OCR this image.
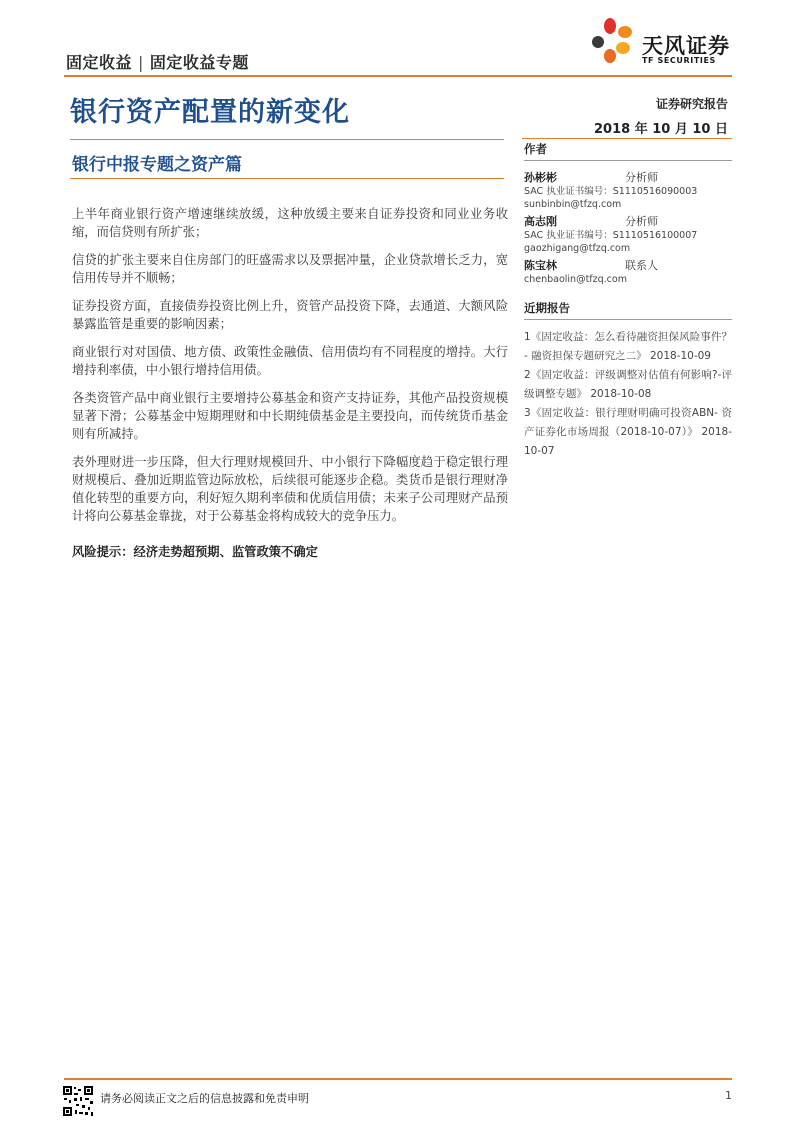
固定收益 | 固定收益专题
天风证券
TF SECURITIES
银行资产配置的新变化	证券研究报告
2018 年 10 月 10 日
银行中报专题之资产篇

上半年商业银行资产增速继续放缓，这种放缓主要来自证券投资和同业业务收缩，而信贷则有所扩张；

信贷的扩张主要来自住房部门的旺盛需求以及票据冲量，企业贷款增长乏力，宽信用传导并不顺畅；

证券投资方面，直接债券投资比例上升，资管产品投资下降，去通道、大额风险暴露监管是重要的影响因素；

商业银行对对国债、地方债、政策性金融债、信用债均有不同程度的增持。大行增持利率债，中小银行增持信用债。

各类资管产品中商业银行主要增持公募基金和资产支持证券，其他产品投资规模显著下滑；公募基金中短期理财和中长期纯债基金是主要投向，而传统货币基金则有所减持。

表外理财进一步压降，但大行理财规模回升、中小银行下降幅度趋于稳定银行理财规模后、叠加近期监管边际放松，后续很可能逐步企稳。类货币是银行理财净值化转型的重要方向，利好短久期利率债和优质信用债；未来子公司理财产品预计将向公募基金靠拢，对于公募基金将构成较大的竞争压力。

风险提示：经济走势超预期、监管政策不确定
作者
孙彬彬	分析师
SAC 执业证书编号：S1110516090003
sunbinbin@tfzq.com
高志刚	分析师
SAC 执业证书编号：S1110516100007
gaozhigang@tfzq.com
陈宝林	联系人
chenbaolin@tfzq.com
近期报告
1《固定收益：怎么看待融资担保风险事件？ - 融资担保专题研究之二》 2018-10-09
2《固定收益：评级调整对估值有何影响?-评级调整专题》 2018-10-08
3《固定收益：银行理财明确可投资ABN- 资产证券化市场周报（2018-10-07）》 2018-10-07
请务必阅读正文之后的信息披露和免责申明	1
